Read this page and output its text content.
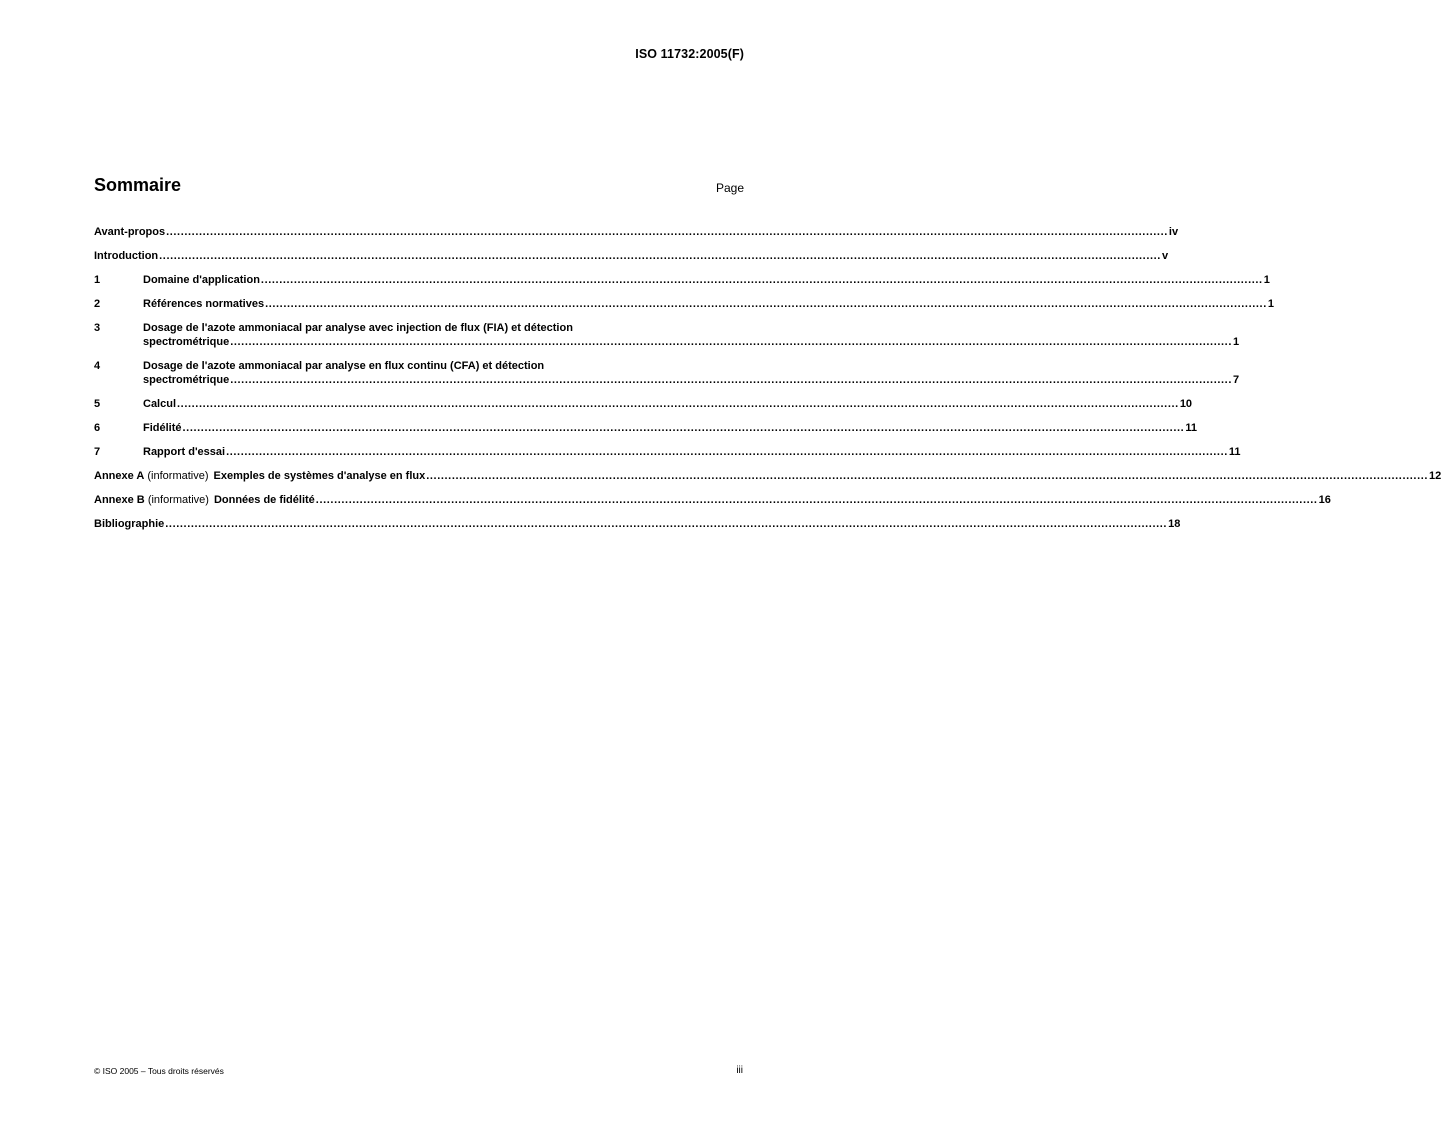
ISO 11732:2005(F)
Sommaire	Page
Avant-propos .....	iv
Introduction .....	v
1	Domaine d'application .....	1
2	Références normatives .....	1
3	Dosage de l'azote ammoniacal par analyse avec injection de flux (FIA) et détection
spectrométrique .....	1
4	Dosage de l'azote ammoniacal par analyse en flux continu (CFA) et détection
spectrométrique .....	7
5	Calcul .....	10
6	Fidélité .....	11
7	Rapport d'essai .....	11
Annexe A (informative) Exemples de systèmes d'analyse en flux .....	12
Annexe B (informative) Données de fidélité .....	16
Bibliographie .....	18
© ISO 2005 – Tous droits réservés	iii
